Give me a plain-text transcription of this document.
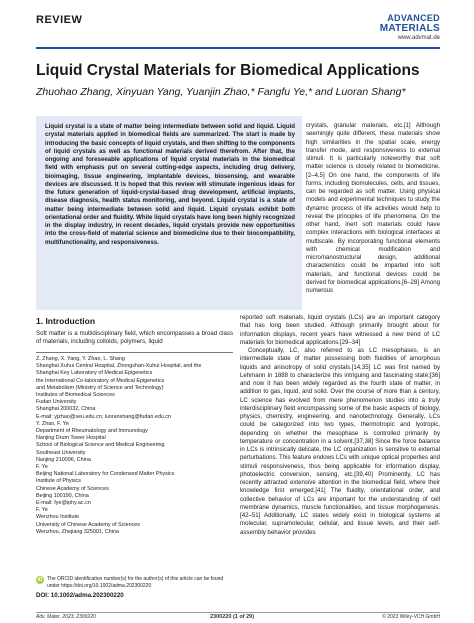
REVIEW	ADVANCED
MATERIALS
www.advmat.de
Liquid Crystal Materials for Biomedical Applications
Zhuohao Zhang, Xinyuan Yang, Yuanjin Zhao,* Fangfu Ye,* and Luoran Shang*
Liquid crystal is a state of matter being intermediate between solid and liquid. Liquid crystal materials applied in biomedical fields are summarized. The start is made by introducing the basic concepts of liquid crystals, and then shifting to the components of liquid crystals as well as functional materials derived therefrom. After that, the ongoing and foreseeable applications of liquid crystal materials in the biomedical field with emphasis put on several cutting-edge aspects, including drug delivery, bioimaging, tissue engineering, implantable devices, biosensing, and wearable devices are discussed. It is hoped that this review will stimulate ingenious ideas for the future generation of liquid-crystal-based drug development, artificial implants, disease diagnosis, health status monitoring, and beyond. Liquid crystal is a state of matter being intermediate between solid and liquid. Liquid crystals exhibit both orientational order and fluidity. While liquid crystals have long been highly recognized in the display industry, in recent decades, liquid crystals provide new opportunities into the cross-field of material science and biomedicine due to their biocompatibility, multifunctionality, and responsiveness.
crystals, granular materials, etc.[1] Although seemingly quite different, these materials show high similarities in the spatial scale, energy transfer mode, and responsiveness to external stimuli. It is particularly noteworthy that soft matter science is closely related to biomedicine.[2–4,5] On one hand, the components of life forms, including biomolecules, cells, and tissues, can be regarded as soft matter. Using physical models and experimental techniques to study the dynamic process of life activities would help to reveal the principles of life phenomena. On the other hand, inert soft materials could have complex interactions with biological interfaces at multiscale. By incorporating functional elements with chemical modification and micro/nanostructural design, additional characteristics could be imparted into soft materials, and functional devices could be derived for biomedical applications.[6–28] Among numerous
1. Introduction
Soft matter is a multidisciplinary field, which encompasses a broad class of materials, including colloids, polymers, liquid
Z. Zhang, X. Yang, Y. Zhao, L. Shang
Shanghai Xuhui Central Hospital, Zhongshan-Xuhui Hospital, and the
Shanghai Key Laboratory of Medical Epigenetics
the International Co-laboratory of Medical Epigenetics
and Metabolism (Ministry of Science and Technology)
Institutes of Biomedical Sciences
Fudan University
Shanghai 200032, China
E-mail: yjzhao@seu.edu.cn; luoranshang@fudan.edu.cn
Y. Zhao, F. Ye
Department of Rheumatology and Immunology
Nanjing Drum Tower Hospital
School of Biological Science and Medical Engineering
Southeast University
Nanjing 210096, China
F. Ye
Beijing National Laboratory for Condensed Matter Physics
Institute of Physics
Chinese Academy of Sciences
Beijing 100190, China
E-mail: fye@iphy.ac.cn
F. Ye
Wenzhou Institute
University of Chinese Academy of Sciences
Wenzhou, Zhejiang 325001, China
iD The ORCID identification number(s) for the author(s) of this article can be found under https://doi.org/10.1002/adma.202300220
DOI: 10.1002/adma.202300220

reported soft materials, liquid crystals (LCs) are an important category that has long been studied. Although primarily brought about for information displays, recent years have witnessed a new trend of LC materials for biomedical applications.[29–34]

Conceptually, LC, also referred to as LC mesophases, is an intermediate state of matter possessing both fluidities of amorphous liquids and anisotropy of solid crystals.[14,35] LC was first named by Lehmann in 1888 to characterize this intriguing and fascinating state;[36] and now it has been widely regarded as the fourth state of matter, in addition to gas, liquid, and solid. Over the course of more than a century, LC science has evolved from mere phenomenon studies into a truly interdisciplinary field encompassing some of the basic aspects of biology, physics, chemistry, engineering, and nanotechnology. Generally, LCs could be categorized into two types, thermotropic and lyotropic, depending on whether the mesophase is controlled primarily by temperature or concentration in a solvent.[37,38] Since the force balance in LCs is intrinsically delicate, the LC organization is sensitive to external perturbations. This feature endows LCs with unique optical properties and stimuli responsiveness, thus being applicable for information display, photoelectric conversion, sensing, etc.[39,40] Prominently, LC has recently attracted extensive attention in the biomedical field, where their knowledge first emerged.[41] The fluidity, orientational order, and collective behavior of LCs are important for the understanding of cell membrane dynamics, muscle functionalities, and tissue morphogenesis.[42–51] Additionally, LC states widely exist in biological systems at molecular, supramolecular, cellular, and tissue levels, and their self-assembly behavior provides

Adv. Mater. 2023, 2300220	2300220 (1 of 29)	© 2023 Wiley-VCH GmbH
